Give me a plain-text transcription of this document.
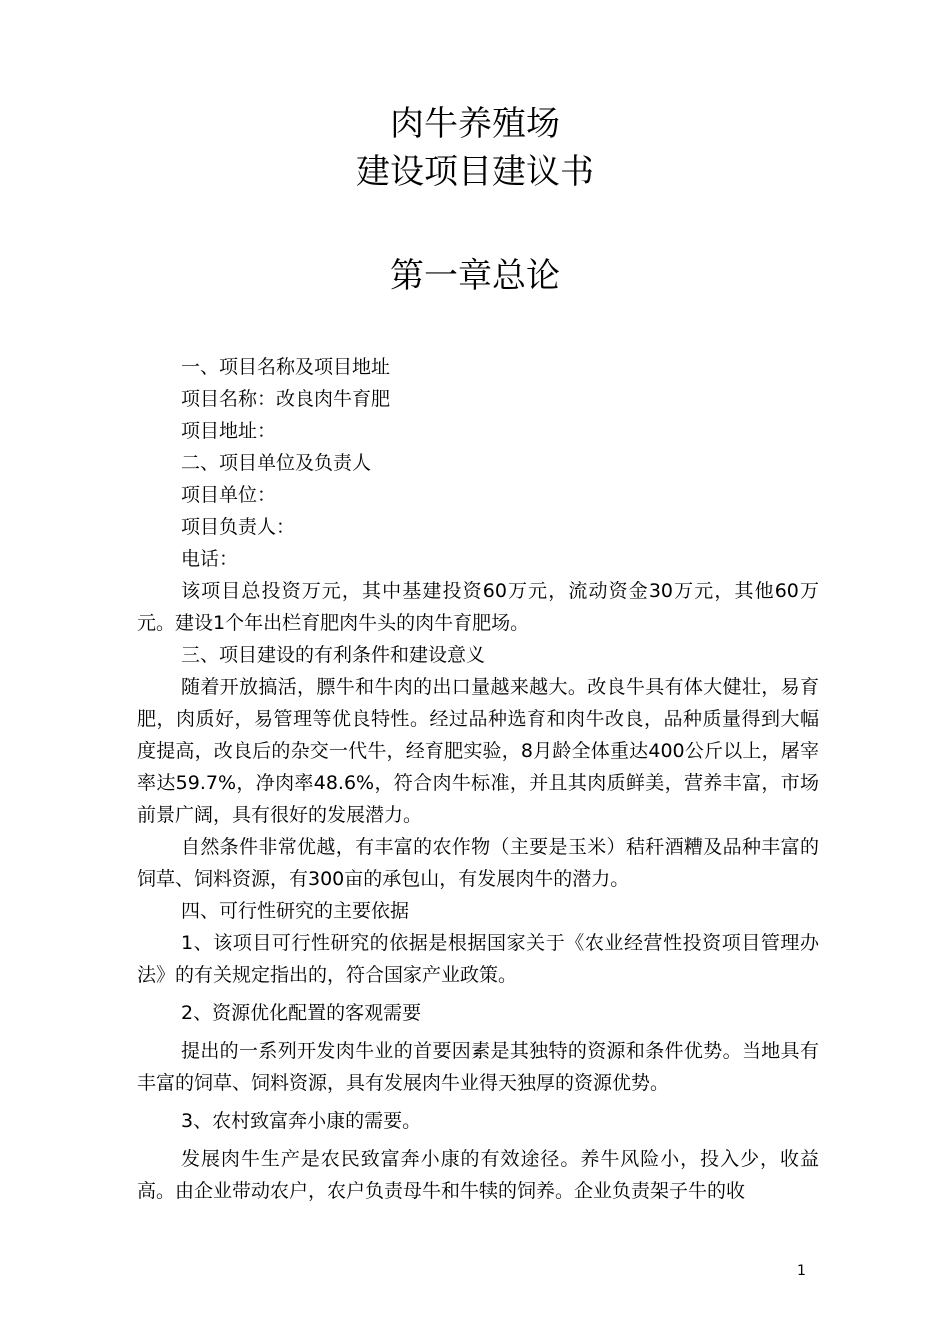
肉牛养殖场
建设项目建议书
第一章总论

一、项目名称及项目地址

项目名称：改良肉牛育肥

项目地址：

二、项目单位及负责人

项目单位：

项目负责人：

电话：

该项目总投资万元，其中基建投资60万元，流动资金30万元，其他60万元。建设1个年出栏育肥肉牛头的肉牛育肥场。

三、项目建设的有利条件和建设意义

随着开放搞活，膘牛和牛肉的出口量越来越大。改良牛具有体大健壮，易育肥，肉质好，易管理等优良特性。经过品种选育和肉牛改良，品种质量得到大幅度提高，改良后的杂交一代牛，经育肥实验，8月龄全体重达400公斤以上，屠宰率达59.7%，净肉率48.6%，符合肉牛标准，并且其肉质鲜美，营养丰富，市场前景广阔，具有很好的发展潜力。

自然条件非常优越，有丰富的农作物（主要是玉米）秸秆酒糟及品种丰富的饲草、饲料资源，有300亩的承包山，有发展肉牛的潜力。

四、可行性研究的主要依据

1、该项目可行性研究的依据是根据国家关于《农业经营性投资项目管理办法》的有关规定指出的，符合国家产业政策。

2、资源优化配置的客观需要

提出的一系列开发肉牛业的首要因素是其独特的资源和条件优势。当地具有丰富的饲草、饲料资源，具有发展肉牛业得天独厚的资源优势。

3、农村致富奔小康的需要。

发展肉牛生产是农民致富奔小康的有效途径。养牛风险小，投入少，收益高。由企业带动农户，农户负责母牛和牛犊的饲养。企业负责架子牛的收

1
